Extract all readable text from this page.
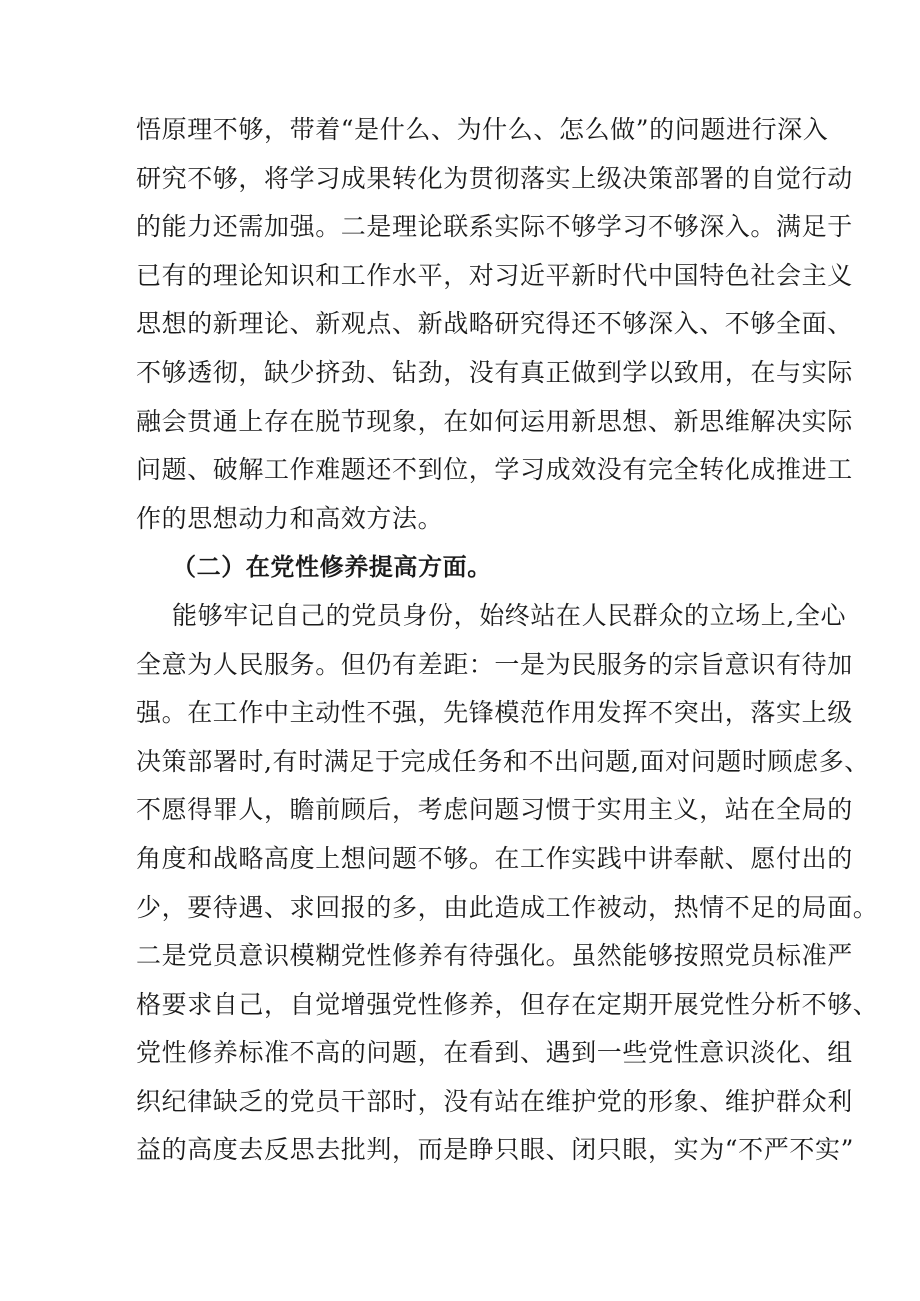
悟原理不够，带着“是什么、为什么、怎么做”的问题进行深入
研究不够，将学习成果转化为贯彻落实上级决策部署的自觉行动
的能力还需加强。二是理论联系实际不够学习不够深入。满足于
已有的理论知识和工作水平，对习近平新时代中国特色社会主义
思想的新理论、新观点、新战略研究得还不够深入、不够全面、
不够透彻，缺少挤劲、钻劲，没有真正做到学以致用，在与实际
融会贯通上存在脱节现象，在如何运用新思想、新思维解决实际
问题、破解工作难题还不到位，学习成效没有完全转化成推进工
作的思想动力和高效方法。
（二）在党性修养提高方面。
能够牢记自己的党员身份，始终站在人民群众的立场上,全心
全意为人民服务。但仍有差距：一是为民服务的宗旨意识有待加
强。在工作中主动性不强，先锋模范作用发挥不突出，落实上级
决策部署时,有时满足于完成任务和不出问题,面对问题时顾虑多、
不愿得罪人，瞻前顾后，考虑问题习惯于实用主义，站在全局的
角度和战略高度上想问题不够。在工作实践中讲奉献、愿付出的
少，要待遇、求回报的多，由此造成工作被动，热情不足的局面。
二是党员意识模糊党性修养有待强化。虽然能够按照党员标准严
格要求自己，自觉增强党性修养，但存在定期开展党性分析不够、
党性修养标准不高的问题，在看到、遇到一些党性意识淡化、组
织纪律缺乏的党员干部时，没有站在维护党的形象、维护群众利
益的高度去反思去批判，而是睁只眼、闭只眼，实为“不严不实”
